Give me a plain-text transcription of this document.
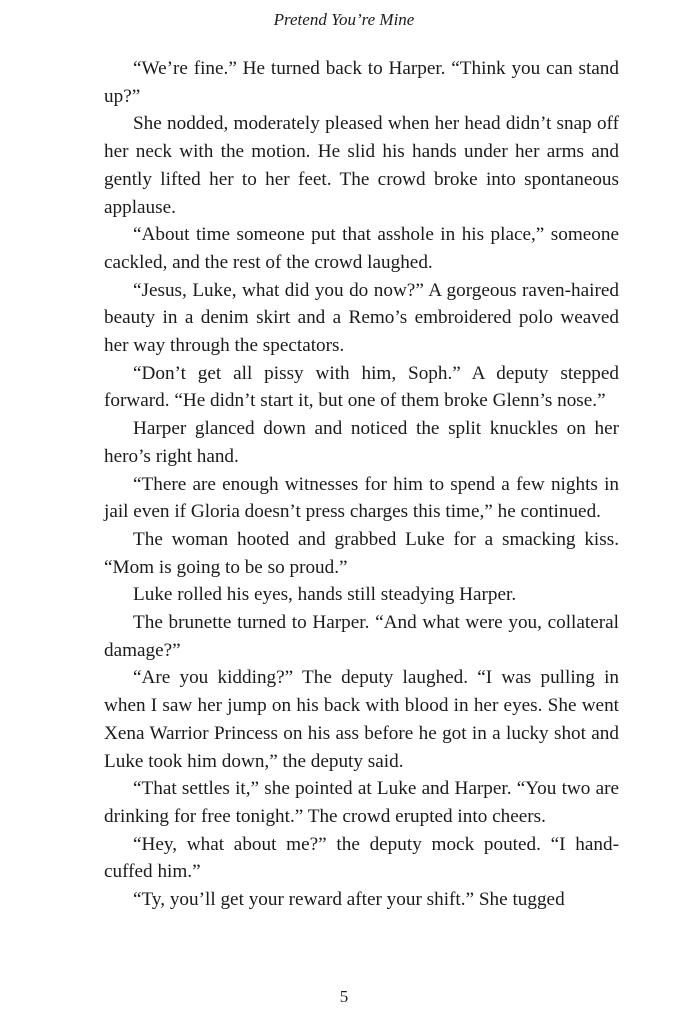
Pretend You’re Mine

“We’re fine.” He turned back to Harper. “Think you can stand up?”

She nodded, moderately pleased when her head didn’t snap off her neck with the motion. He slid his hands under her arms and gently lifted her to her feet. The crowd broke into spontaneous applause.

“About time someone put that asshole in his place,” someone cackled, and the rest of the crowd laughed.

“Jesus, Luke, what did you do now?” A gorgeous raven-haired beauty in a denim skirt and a Remo’s embroidered polo weaved her way through the spectators.

“Don’t get all pissy with him, Soph.” A deputy stepped forward. “He didn’t start it, but one of them broke Glenn’s nose.”

Harper glanced down and noticed the split knuckles on her hero’s right hand.

“There are enough witnesses for him to spend a few nights in jail even if Gloria doesn’t press charges this time,” he continued.

The woman hooted and grabbed Luke for a smacking kiss. “Mom is going to be so proud.”

Luke rolled his eyes, hands still steadying Harper.

The brunette turned to Harper. “And what were you, collateral damage?”

“Are you kidding?” The deputy laughed. “I was pulling in when I saw her jump on his back with blood in her eyes. She went Xena Warrior Princess on his ass before he got in a lucky shot and Luke took him down,” the deputy said.

“That settles it,” she pointed at Luke and Harper. “You two are drinking for free tonight.” The crowd erupted into cheers.

“Hey, what about me?” the deputy mock pouted. “I hand-cuffed him.”

“Ty, you’ll get your reward after your shift.” She tugged

5
